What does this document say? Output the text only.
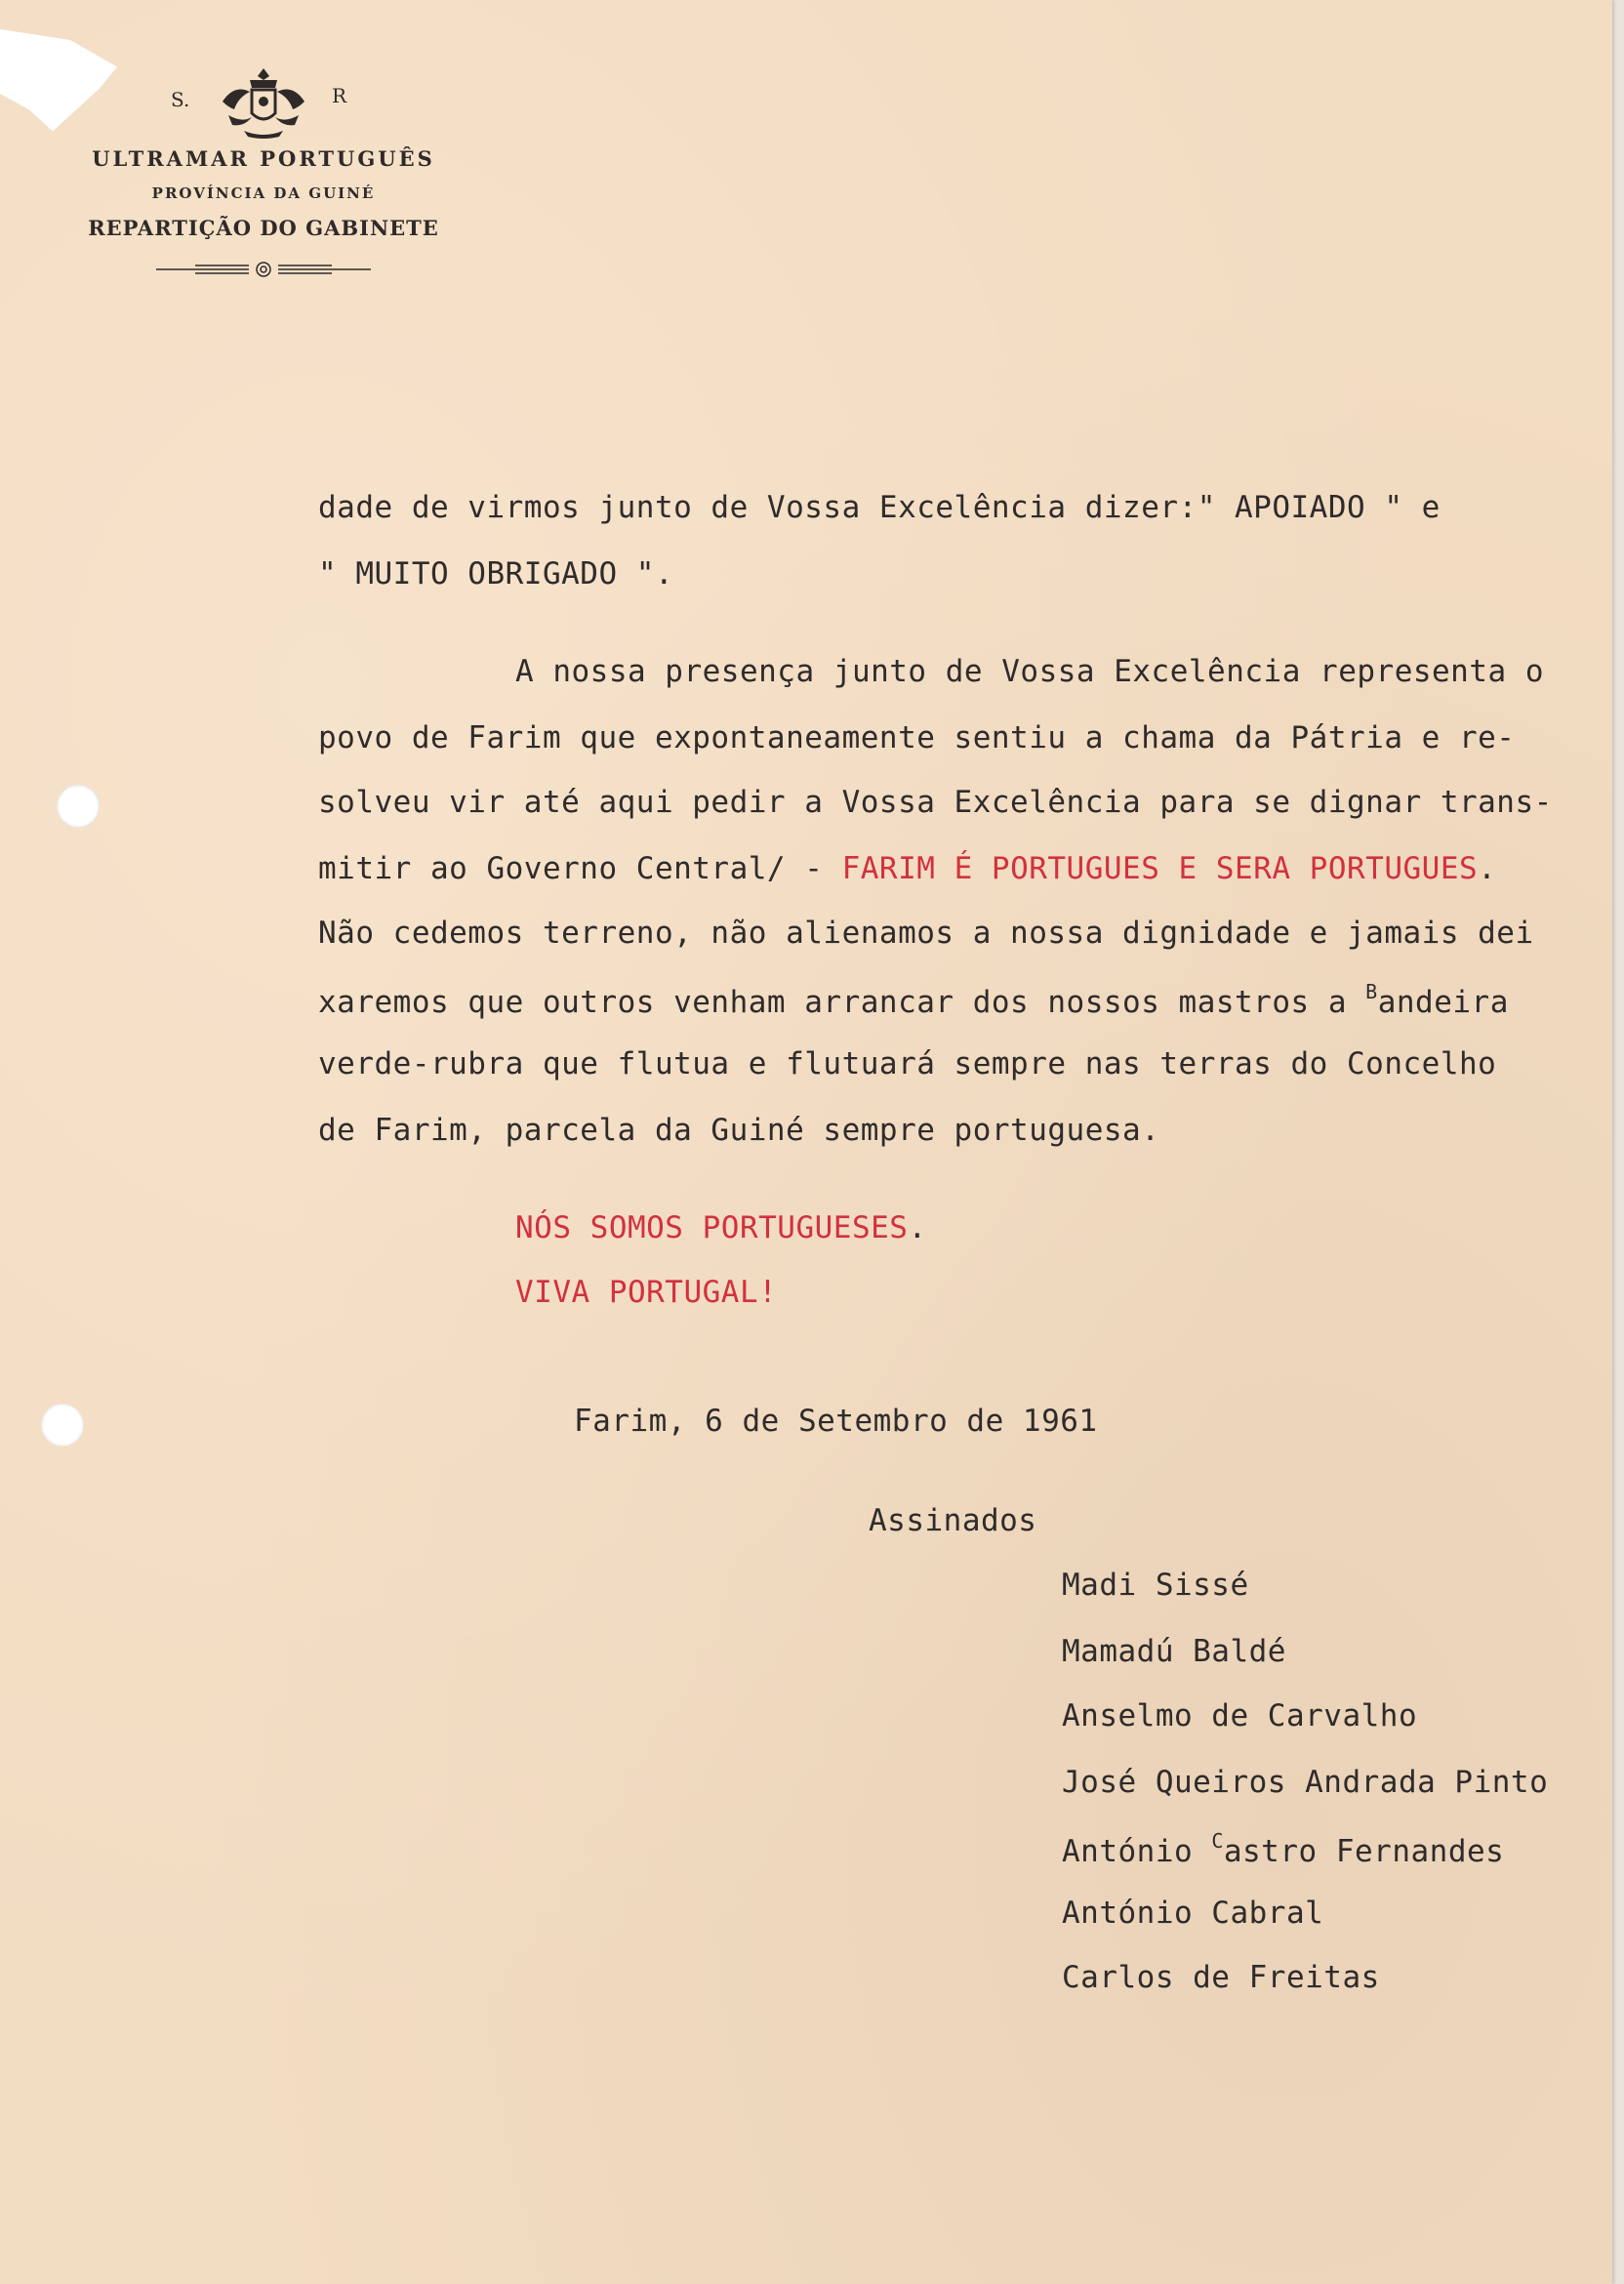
S.	R
ULTRAMAR PORTUGUÊS
PROVÍNCIA DA GUINÉ
REPARTIÇÃO DO GABINETE

dade de virmos junto de Vossa Excelência dizer:" APOIADO " e

" MUITO OBRIGADO ".

A nossa presença junto de Vossa Excelência representa o

povo de Farim que expontaneamente sentiu a chama da Pátria e re-

solveu vir até aqui pedir a Vossa Excelência para se dignar trans-

mitir ao Governo Central/ - FARIM É PORTUGUES E SERA PORTUGUES.

Não cedemos terreno, não alienamos a nossa dignidade e jamais dei

xaremos que outros venham arrancar dos nossos mastros a $^B$andeira

verde-rubra que flutua e flutuará sempre nas terras do Concelho

de Farim, parcela da Guiné sempre portuguesa.

NÓS SOMOS PORTUGUESES.

VIVA PORTUGAL!

Farim, 6 de Setembro de 1961

Assinados

Madi Sissé

Mamadú Baldé

Anselmo de Carvalho

José Queiros Andrada Pinto

António $^C$astro Fernandes

António Cabral

Carlos de Freitas
